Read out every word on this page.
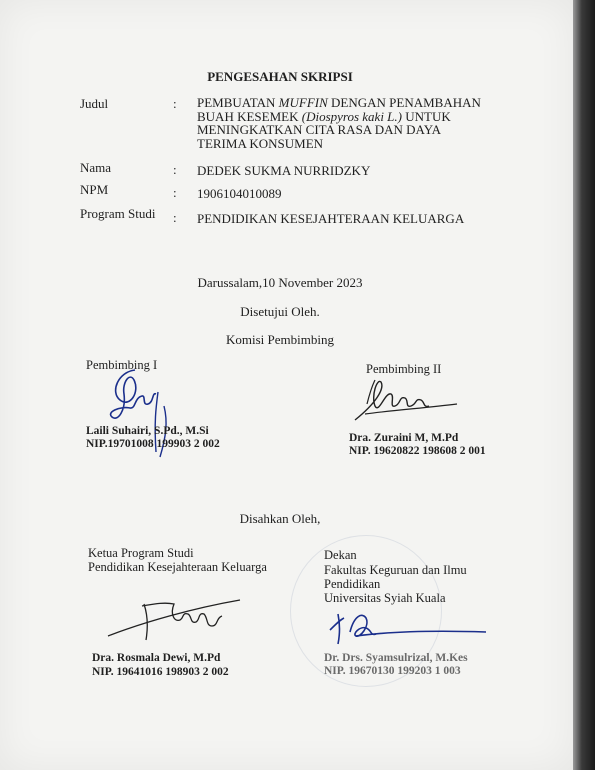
PENGESAHAN SKRIPSI
Judul	: PEMBUATAN MUFFIN DENGAN PENAMBAHAN
BUAH KESEMEK (Diospyros kaki L.) UNTUK
MENINGKATKAN CITA RASA DAN DAYA
TERIMA KONSUMEN
Nama	: DEDEK SUKMA NURRIDZKY
NPM	: 1906104010089
Program Studi : PENDIDIKAN KESEJAHTERAAN KELUARGA
Darussalam,10 November 2023
Disetujui Oleh.
Komisi Pembimbing
Pembimbing I
Laili Suhairi, S.Pd., M.Si
NIP.19701008 199903 2 002
Pembimbing II
Dra. Zuraini M, M.Pd
NIP. 19620822 198608 2 001
Disahkan Oleh,
Ketua Program Studi
Pendidikan Kesejahteraan Keluarga
Dra. Rosmala Dewi, M.Pd
NIP. 19641016 198903 2 002
Dekan
Fakultas Keguruan dan Ilmu
Pendidikan
Universitas Syiah Kuala
Dr. Drs. Syamsulrizal, M.Kes
NIP. 19670130 199203 1 003
